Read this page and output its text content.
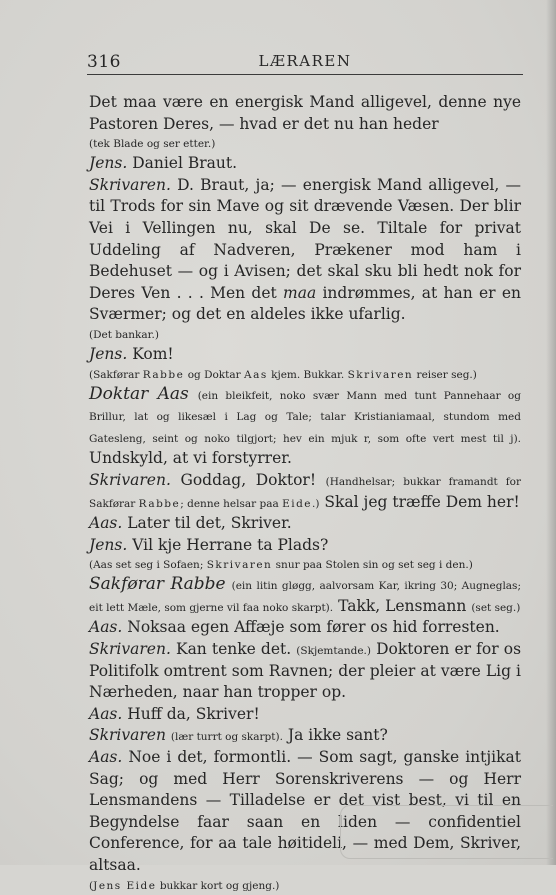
316	LÆRAREN

Det maa være en energisk Mand alligevel, denne nye Pastoren Deres, — hvad er det nu han heder

(tek Blade og ser etter.)

Jens. Daniel Braut.

Skrivaren. D. Braut, ja; — energisk Mand alligevel, — til Trods for sin Mave og sit drævende Væsen. Der blir Vei i Vellingen nu, skal De se. Tiltale for privat Uddeling af Nadveren, Prækener mod ham i Bedehuset — og i Avisen; det skal sku bli hedt nok for Deres Ven . . . Men det maa indrømmes, at han er en Sværmer; og det en aldeles ikke ufarlig.

(Det bankar.)

Jens. Kom!

(Sakførar Rabbe og Doktar Aas kjem. Bukkar. Skrivaren reiser seg.)

Doktar Aas (ein bleikfeit, noko svær Mann med tunt Pannehaar og Brillur, lat og likesæl i Lag og Tale; talar Kristianiamaal, stundom med Gatesleng, seint og noko tilgjort; hev ein mjuk r, som ofte vert mest til j). Undskyld, at vi forstyrrer.

Skrivaren. Goddag, Doktor! (Handhelsar; bukkar framandt for Sakførar Rabbe; denne helsar paa Eide.) Skal jeg træffe Dem her!

Aas. Later til det, Skriver.

Jens. Vil kje Herrane ta Plads?

(Aas set seg i Sofaen; Skrivaren snur paa Stolen sin og set seg i den.)

Sakførar Rabbe (ein litin gløgg, aalvorsam Kar, ikring 30; Augneglas; eit lett Mæle, som gjerne vil faa noko skarpt). Takk, Lensmann (set seg.)

Aas. Noksaa egen Affæje som fører os hid forresten.

Skrivaren. Kan tenke det. (Skjemtande.) Doktoren er for os Politifolk omtrent som Ravnen; der pleier at være Lig i Nærheden, naar han tropper op.

Aas. Huff da, Skriver!

Skrivaren (lær turrt og skarpt). Ja ikke sant?

Aas. Noe i det, formontli. — Som sagt, ganske intjikat Sag; og med Herr Sorenskriverens — og Herr Lensmandens — Tilladelse er det vist best, vi til en Begyndelse faar saan en liden — confidentiel Conference, for aa tale høitideli, — med Dem, Skriver, altsaa.

(Jens Eide bukkar kort og gjeng.)
